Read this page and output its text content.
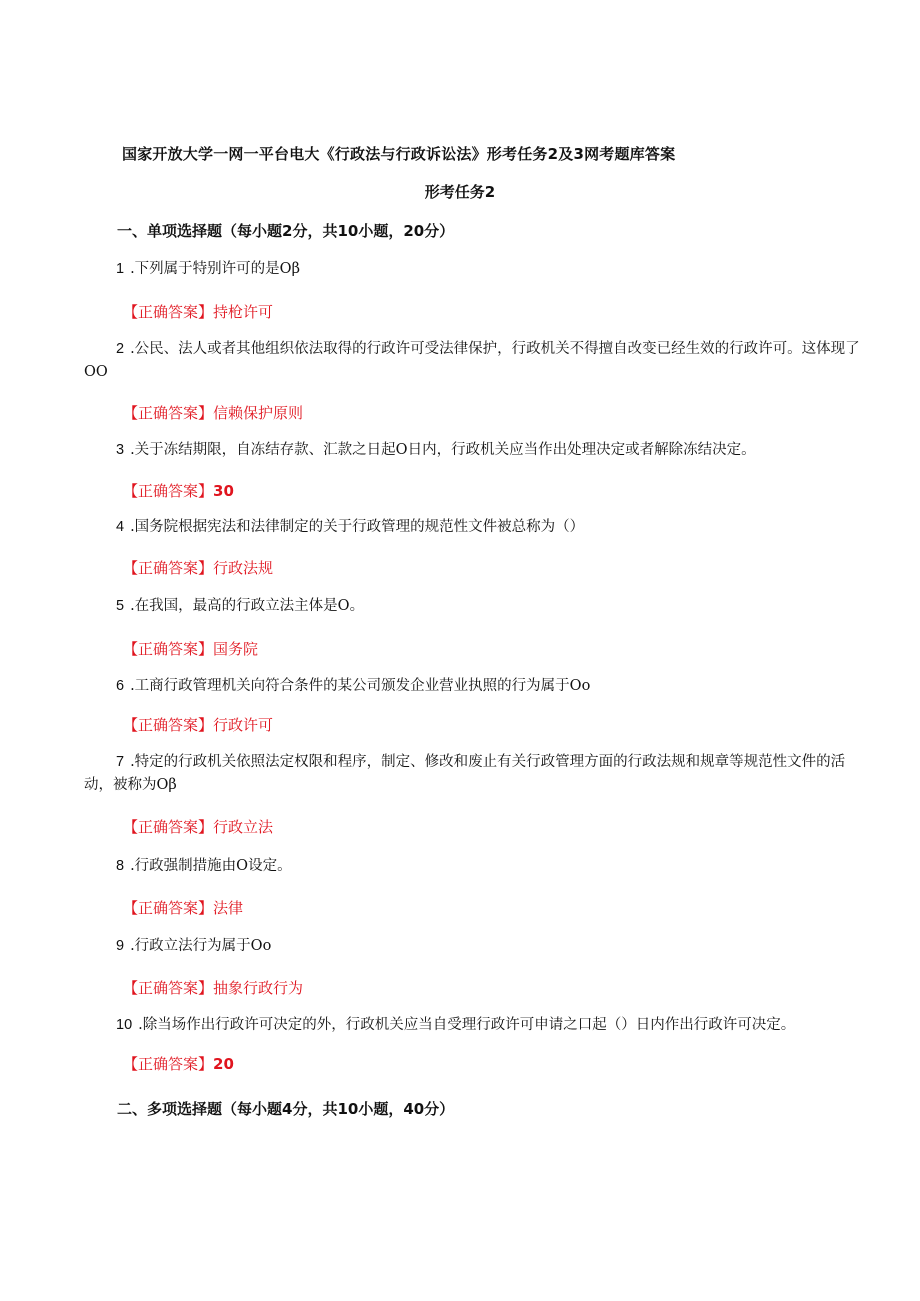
国家开放大学一网一平台电大《行政法与行政诉讼法》形考任务2及3网考题库答案
形考任务2
一、单项选择题（每小题2分，共10小题，20分）
1 .下列属于特别许可的是Oβ
【正确答案】持枪许可
2 .公民、法人或者其他组织依法取得的行政许可受法律保护，行政机关不得擅自改变已经生效的行政许可。这体现了OO
【正确答案】信赖保护原则
3 .关于冻结期限，自冻结存款、汇款之日起O日内，行政机关应当作出处理决定或者解除冻结决定。
【正确答案】30
4 .国务院根据宪法和法律制定的关于行政管理的规范性文件被总称为（）
【正确答案】行政法规
5 .在我国，最高的行政立法主体是O。
【正确答案】国务院
6 .工商行政管理机关向符合条件的某公司颁发企业营业执照的行为属于Oo
【正确答案】行政许可
7 .特定的行政机关依照法定权限和程序，制定、修改和废止有关行政管理方面的行政法规和规章等规范性文件的活动，被称为Oβ
【正确答案】行政立法
8 .行政强制措施由O设定。
【正确答案】法律
9 .行政立法行为属于Oo
【正确答案】抽象行政行为
10 .除当场作出行政许可决定的外，行政机关应当自受理行政许可申请之口起（）日内作出行政许可决定。
【正确答案】20
二、多项选择题（每小题4分，共10小题，40分）
